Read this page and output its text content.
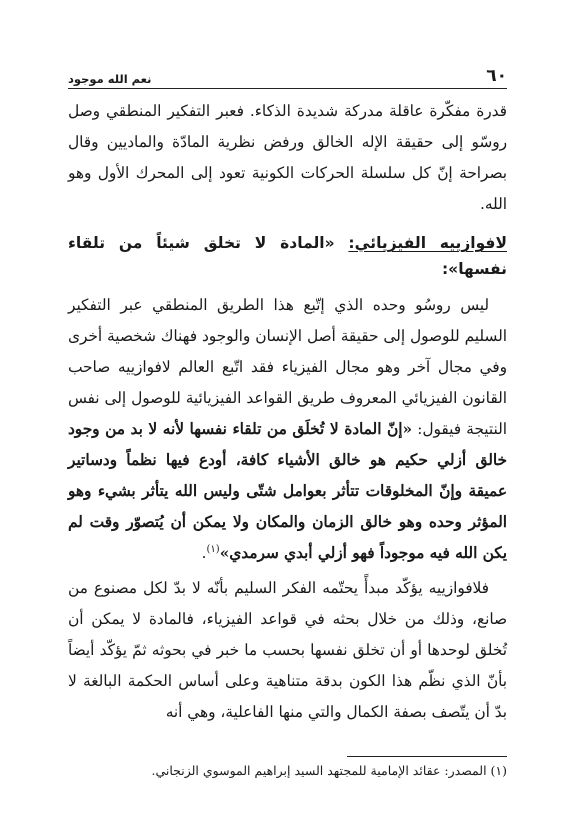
٦٠
نعم الله موجود

قدرة مفكّرة عاقلة مدركة شديدة الذكاء. فعبر التفكير المنطقي وصل روسّو إلى حقيقة الإله الخالق ورفض نظرية المادّة والماديين وقال بصراحة إنّ كل سلسلة الحركات الكونية تعود إلى المحرك الأول وهو الله.

لافوازييه الفيزيائي: «المادة لا تخلق شيئاً من تلقاء نفسها»:

ليس روسُو وحده الذي إتّبع هذا الطريق المنطقي عبر التفكير السليم للوصول إلى حقيقة أصل الإنسان والوجود فهناك شخصية أخرى وفي مجال آخر وهو مجال الفيزياء فقد اتّبع العالم لافوازييه صاحب القانون الفيزيائي المعروف طريق القواعد الفيزيائية للوصول إلى نفس النتيجة فيقول: «إنّ المادة لا تُخلَق من تلقاء نفسها لأنه لا بد من وجود خالق أزلي حكيم هو خالق الأشياء كافة، أودع فيها نظماً ودساتير عميقة وإنّ المخلوقات تتأثر بعوامل شتّى وليس الله يتأثر بشيء وهو المؤثر وحده وهو خالق الزمان والمكان ولا يمكن أن يُتصوّر وقت لم يكن الله فيه موجوداً فهو أزلي أبدي سرمدي»$^{(١)}$.

فلافوازييه يؤكّد مبدأً يحتّمه الفكر السليم بأنّه لا بدّ لكل مصنوع من صانع، وذلك من خلال بحثه في قواعد الفيزياء، فالمادة لا يمكن أن تُخلق لوحدها أو أن تخلق نفسها بحسب ما خبر في بحوثه ثمّ يؤكّد أيضاً بأنّ الذي نظّم هذا الكون بدقة متناهية وعلى أساس الحكمة البالغة لا بدّ أن يتّصف بصفة الكمال والتي منها الفاعلية، وهي أنه

(١) المصدر: عقائد الإمامية للمجتهد السيد إبراهيم الموسوي الزنجاني.
